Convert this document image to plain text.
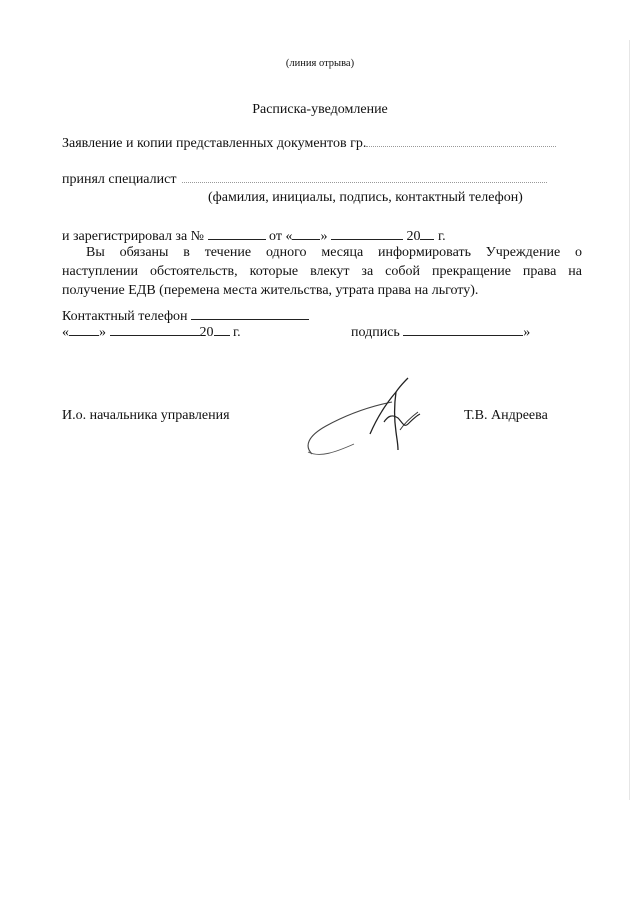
(линия отрыва)
Расписка-уведомление
Заявление и копии представленных документов гр.
принял специалист
(фамилия, инициалы, подпись, контактный телефон)
и зарегистрировал за №	от « »	20 г.
Вы обязаны в течение одного месяца информировать Учреждение о
наступлении обстоятельств, которые влекут за собой прекращение права на
получение ЕДВ (перемена места жительства, утрата права на льготу).
Контактный телефон
« »	20 г.	подпись	»
И.о. начальника управления	Т.В. Андреева
